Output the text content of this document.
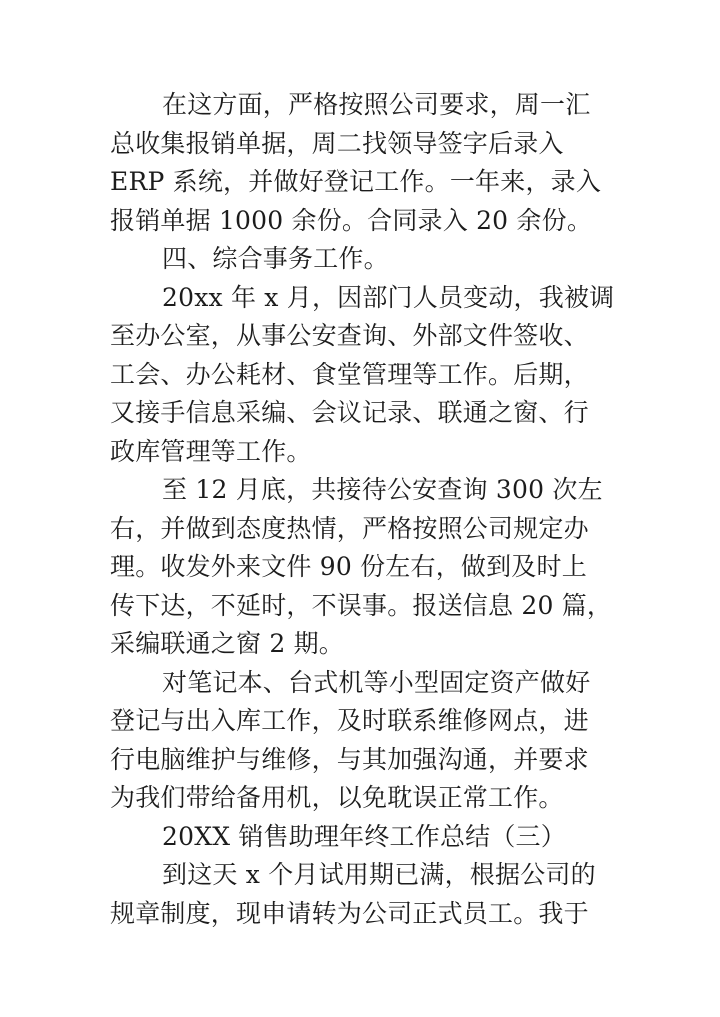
在这方面，严格按照公司要求，周一汇
总收集报销单据，周二找领导签字后录入
ERP 系统，并做好登记工作。一年来，录入
报销单据 1000 余份。合同录入 20 余份。
四、综合事务工作。
20xx 年 x 月，因部门人员变动，我被调
至办公室，从事公安查询、外部文件签收、
工会、办公耗材、食堂管理等工作。后期，
又接手信息采编、会议记录、联通之窗、行
政库管理等工作。
至 12 月底，共接待公安查询 300 次左
右，并做到态度热情，严格按照公司规定办
理。收发外来文件 90 份左右，做到及时上
传下达，不延时，不误事。报送信息 20 篇，
采编联通之窗 2 期。
对笔记本、台式机等小型固定资产做好
登记与出入库工作，及时联系维修网点，进
行电脑维护与维修，与其加强沟通，并要求
为我们带给备用机，以免耽误正常工作。
20XX 销售助理年终工作总结（三）
到这天 x 个月试用期已满，根据公司的
规章制度，现申请转为公司正式员工。我于
